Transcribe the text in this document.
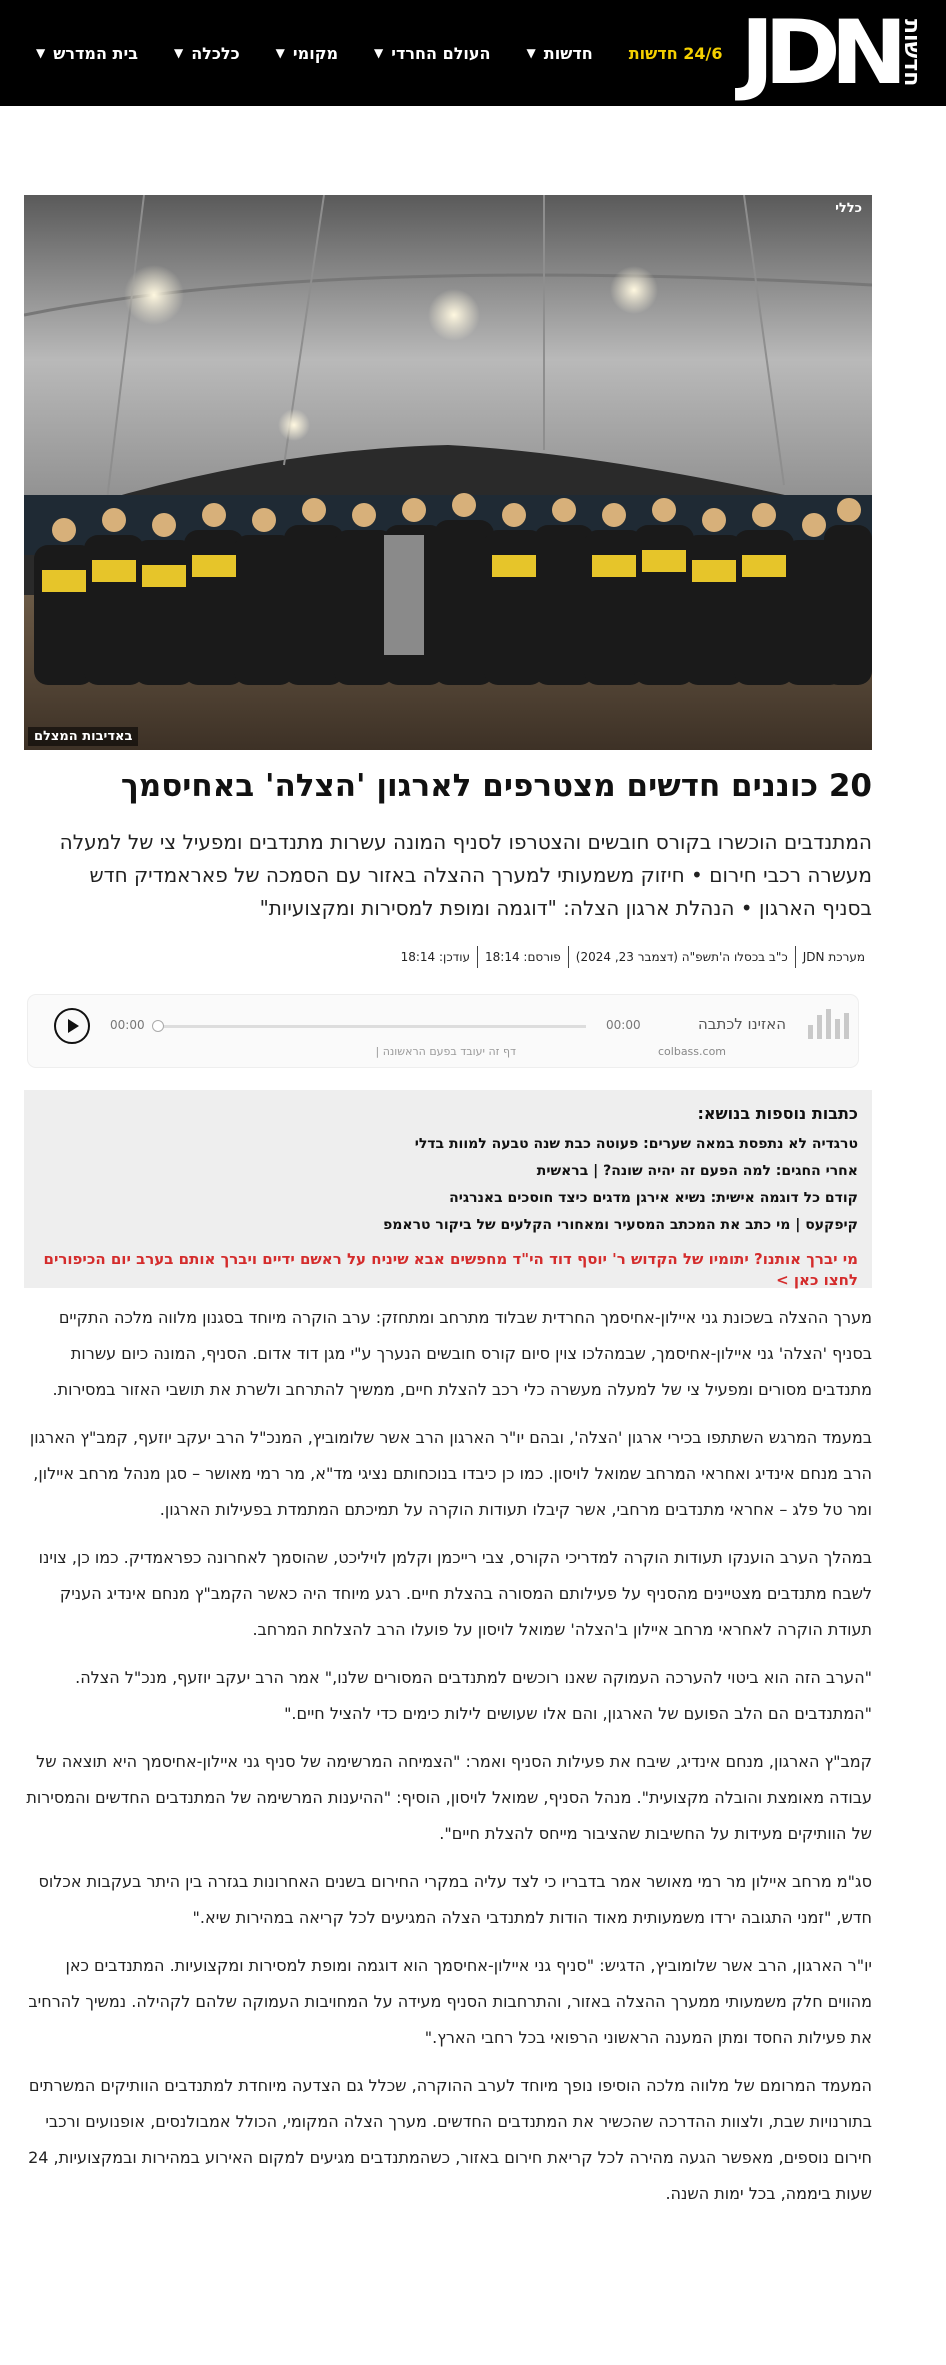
JDN חדשות
24/6 חדשות
חדשות
▼
העולם החרדי
▼
מקומי
▼
כלכלה
▼
בית המדרש
▼
כללי
באדיבות המצלם
20 כוננים חדשים מצטרפים לארגון 'הצלה' באחיסמך
המתנדבים הוכשרו בקורס חובשים והצטרפו לסניף המונה עשרות מתנדבים ומפעיל צי של למעלה מעשרה רכבי חירום • חיזוק משמעותי למערך ההצלה באזור עם הסמכה של פאראמדיק חדש בסניף הארגון • הנהלת ארגון הצלה: "דוגמה ומופת למסירות ומקצועיות"
מערכת JDN
כ"ב בכסלו ה'תשפ"ה (דצמבר 23, 2024)
פורסם: 18:14
עודכן: 18:14
00:00	00:00	האזינו לכתבה
colbass.com
דף זה יעובד בפעם הראשונה |
כתבות נוספות בנושא:
טרגדיה לא נתפסת במאה שערים: פעוטה כבת שנה טבעה למוות בדלי
אחרי החגים: למה הפעם זה יהיה שונה? | בראשית
קודם כל דוגמה אישית: נשיא אירגן מדגים כיצד חוסכים באנרגיה
קיפקעס | מי כתב את המכתב המסעיר ומאחורי הקלעים של ביקור טראמפ
מי יברך אותנו? יתומיו של הקדוש ר' יוסף דוד הי"ד מחפשים אבא שיניח על ראשם ידיים ויברך אותם בערב יום הכיפורים לחצו כאן >

מערך ההצלה בשכונת גני איילון-אחיסמך החרדית שבלוד מתרחב ומתחזק: ערב הוקרה מיוחד בסגנון מלווה מלכה התקיים בסניף 'הצלה' גני איילון-אחיסמך, שבמהלכו צוין סיום קורס חובשים הנערך ע"י מגן דוד אדום. הסניף, המונה כיום עשרות מתנדבים מסורים ומפעיל צי של למעלה מעשרה כלי רכב להצלת חיים, ממשיך להתרחב ולשרת את תושבי האזור במסירות.

במעמד המרגש השתתפו בכירי ארגון 'הצלה', ובהם יו"ר הארגון הרב אשר שלומוביץ, המנכ"ל הרב יעקב יוזעף, קמב"ץ הארגון הרב מנחם אינדיג ואחראי המרחב שמואל לויסון. כמו כן כיבדו בנוכחותם נציגי מד"א, מר רמי מאושר – סגן מנהל מרחב איילון, ומר טל פלג – אחראי מתנדבים מרחבי, אשר קיבלו תעודות הוקרה על תמיכתם המתמדת בפעילות הארגון.

במהלך הערב הוענקו תעודות הוקרה למדריכי הקורס, צבי רייכמן וקלמן לויליכט, שהוסמך לאחרונה כפראמדיק. כמו כן, צוינו לשבח מתנדבים מצטיינים מהסניף על פעילותם המסורה בהצלת חיים. רגע מיוחד היה כאשר הקמב"ץ מנחם אינדיג העניק תעודת הוקרה לאחראי מרחב איילון ב'הצלה' שמואל לויסון על פועלו הרב להצלחת המרחב.

"הערב הזה הוא ביטוי להערכה העמוקה שאנו רוכשים למתנדבים המסורים שלנו," אמר הרב יעקב יוזעף, מנכ"ל הצלה. "המתנדבים הם הלב הפועם של הארגון, והם אלו שעושים לילות כימים כדי להציל חיים."

קמב"ץ הארגון, מנחם אינדיג, שיבח את פעילות הסניף ואמר: "הצמיחה המרשימה של סניף גני איילון-אחיסמך היא תוצאה של עבודה מאומצת והובלה מקצועית". מנהל הסניף, שמואל לויסון, הוסיף: "ההיענות המרשימה של המתנדבים החדשים והמסירות של הוותיקים מעידות על החשיבות שהציבור מייחס להצלת חיים".

סג"מ מרחב איילון מר רמי מאושר אמר בדבריו כי לצד עליה במקרי החירום בשנים האחרונות בגזרה בין היתר בעקבות אכלוס חדש, "זמני התגובה ירדו משמעותית מאוד הודות למתנדבי הצלה המגיעים לכל קריאה במהירות שיא."

יו"ר הארגון, הרב אשר שלומוביץ, הדגיש: "סניף גני איילון-אחיסמך הוא דוגמה ומופת למסירות ומקצועיות. המתנדבים כאן מהווים חלק משמעותי ממערך ההצלה באזור, והתרחבות הסניף מעידה על המחויבות העמוקה שלהם לקהילה. נמשיך להרחיב את פעילות החסד ומתן המענה הראשוני הרפואי בכל רחבי הארץ."

המעמד המרומם של מלווה מלכה הוסיפו נופך מיוחד לערב ההוקרה, שכלל גם הצדעה מיוחדת למתנדבים הוותיקים המשרתים בתורנויות שבת, ולצוות ההדרכה שהכשיר את המתנדבים החדשים. מערך הצלה המקומי, הכולל אמבולנסים, אופנועים ורכבי חירום נוספים, מאפשר הגעה מהירה לכל קריאת חירום באזור, כשהמתנדבים מגיעים למקום האירוע במהירות ובמקצועיות, 24 שעות ביממה, בכל ימות השנה.
